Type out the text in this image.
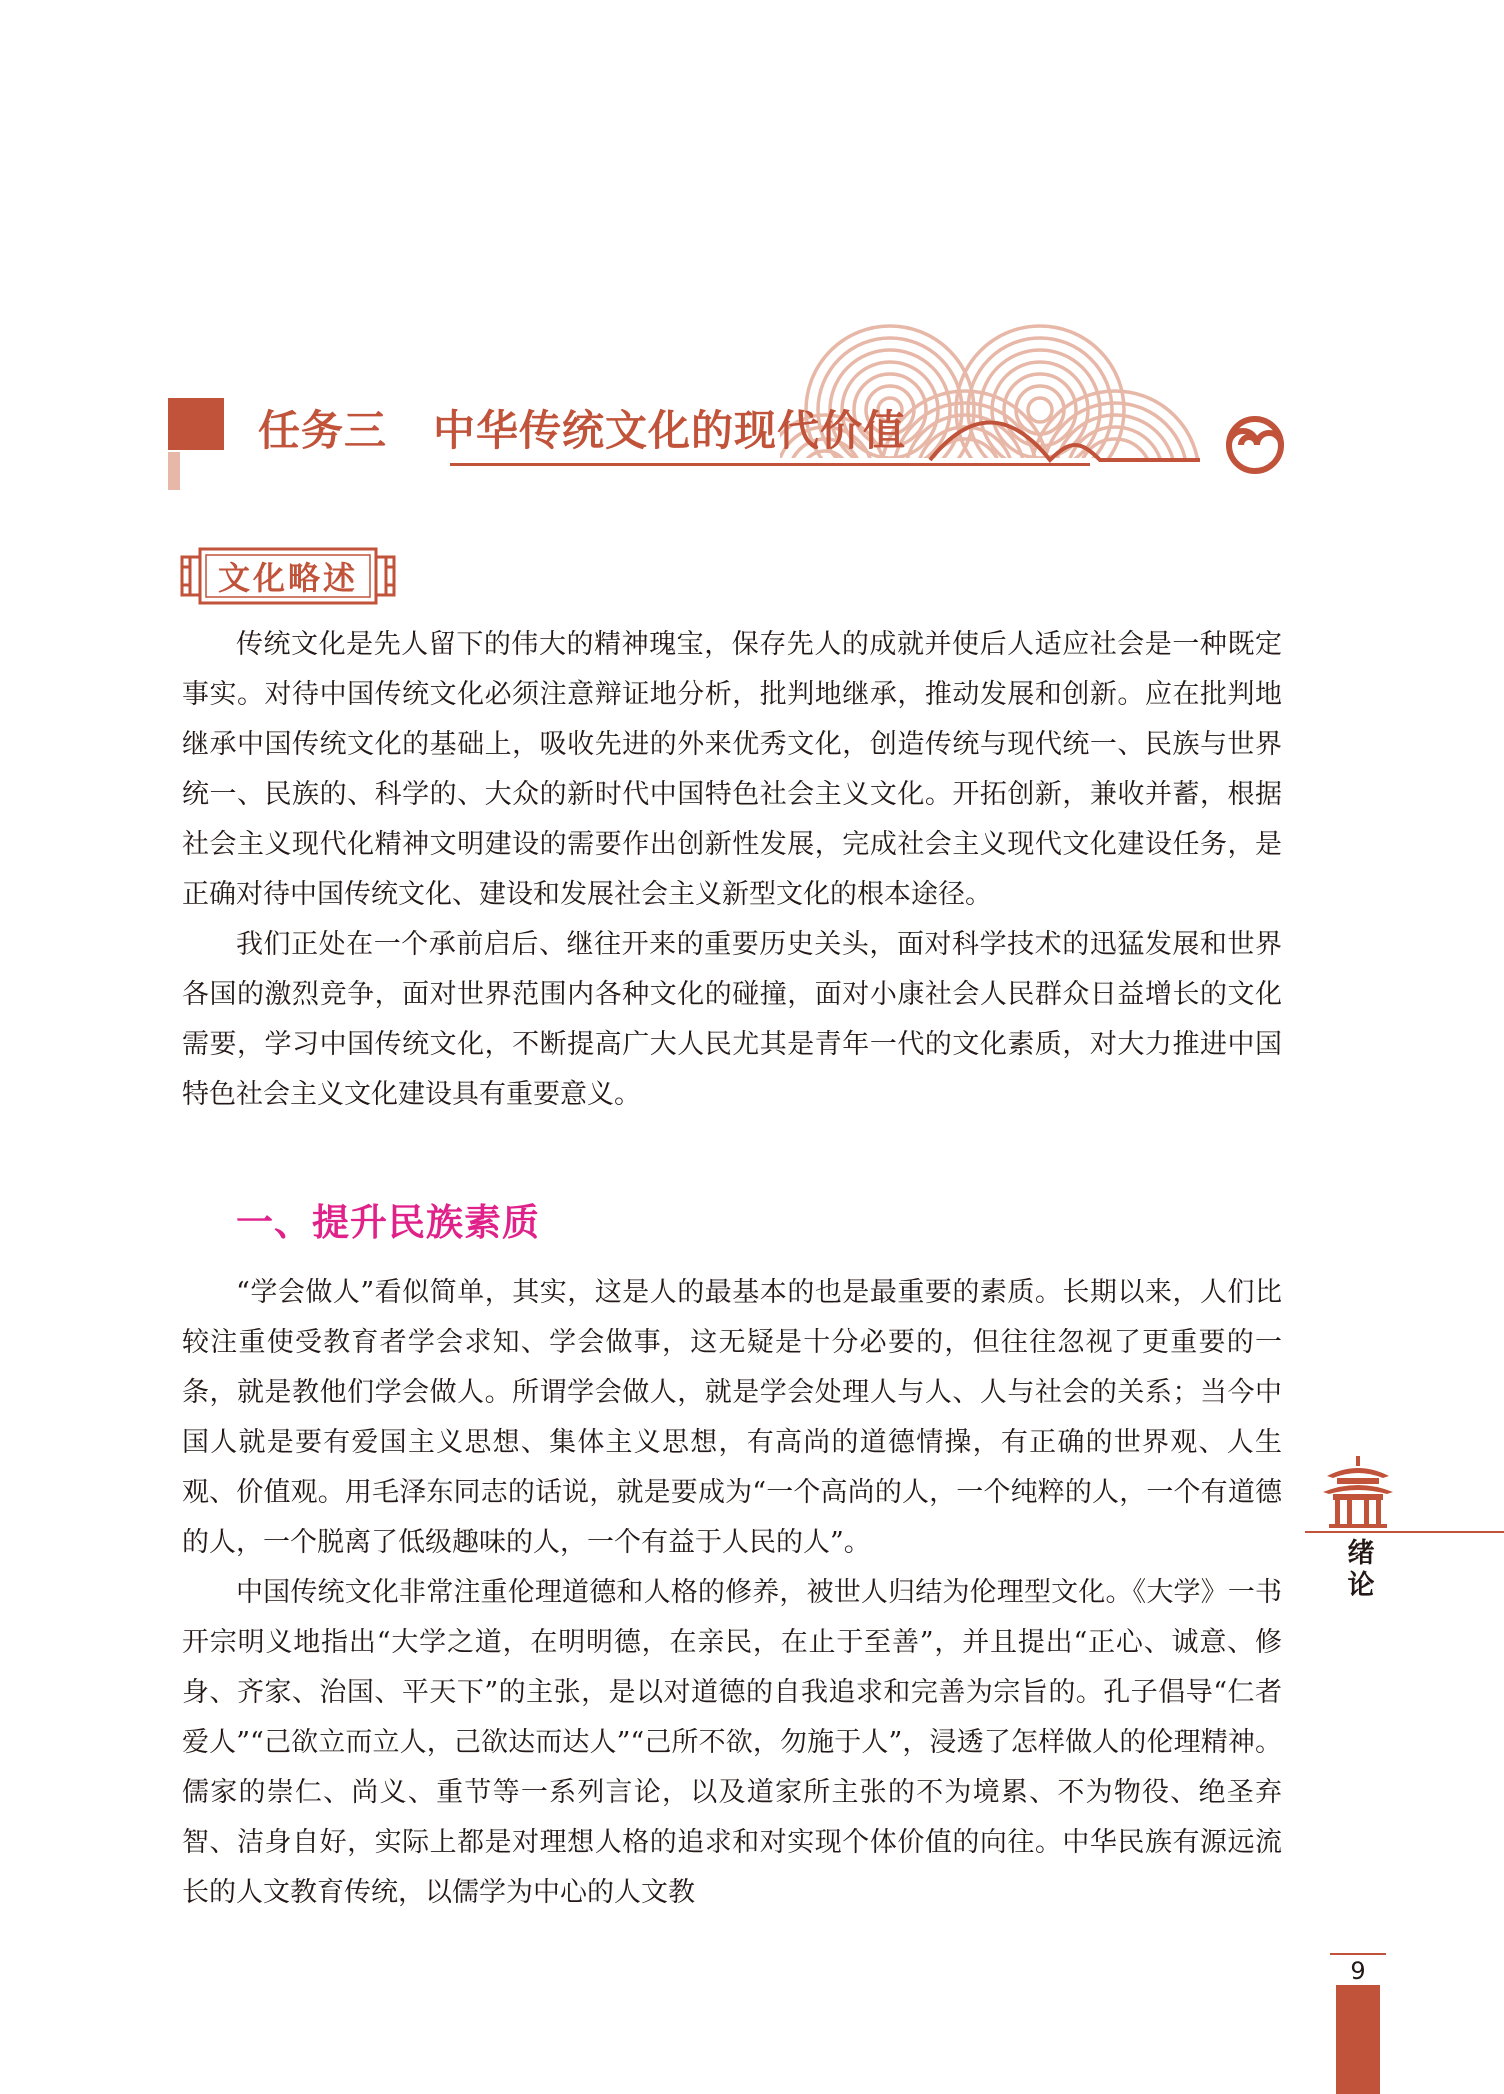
任务三 中华传统文化的现代价值
文化略述

传统文化是先人留下的伟大的精神瑰宝，保存先人的成就并使后人适应社会是一种既定事实。对待中国传统文化必须注意辩证地分析，批判地继承，推动发展和创新。应在批判地继承中国传统文化的基础上，吸收先进的外来优秀文化，创造传统与现代统一、民族与世界统一、民族的、科学的、大众的新时代中国特色社会主义文化。开拓创新，兼收并蓄，根据社会主义现代化精神文明建设的需要作出创新性发展，完成社会主义现代文化建设任务，是正确对待中国传统文化、建设和发展社会主义新型文化的根本途径。

我们正处在一个承前启后、继往开来的重要历史关头，面对科学技术的迅猛发展和世界各国的激烈竞争，面对世界范围内各种文化的碰撞，面对小康社会人民群众日益增长的文化需要，学习中国传统文化，不断提高广大人民尤其是青年一代的文化素质，对大力推进中国特色社会主义文化建设具有重要意义。

一、提升民族素质

“学会做人”看似简单，其实，这是人的最基本的也是最重要的素质。长期以来，人们比较注重使受教育者学会求知、学会做事，这无疑是十分必要的，但往往忽视了更重要的一条，就是教他们学会做人。所谓学会做人，就是学会处理人与人、人与社会的关系；当今中国人就是要有爱国主义思想、集体主义思想，有高尚的道德情操，有正确的世界观、人生观、价值观。用毛泽东同志的话说，就是要成为“一个高尚的人，一个纯粹的人，一个有道德的人，一个脱离了低级趣味的人，一个有益于人民的人”。

中国传统文化非常注重伦理道德和人格的修养，被世人归结为伦理型文化。《大学》一书开宗明义地指出“大学之道，在明明德，在亲民，在止于至善”，并且提出“正心、诚意、修身、齐家、治国、平天下”的主张，是以对道德的自我追求和完善为宗旨的。孔子倡导“仁者爱人”“己欲立而立人，己欲达而达人”“己所不欲，勿施于人”，浸透了怎样做人的伦理精神。儒家的崇仁、尚义、重节等一系列言论，以及道家所主张的不为境累、不为物役、绝圣弃智、洁身自好，实际上都是对理想人格的追求和对实现个体价值的向往。中华民族有源远流长的人文教育传统，以儒学为中心的人文教

绪论
9
